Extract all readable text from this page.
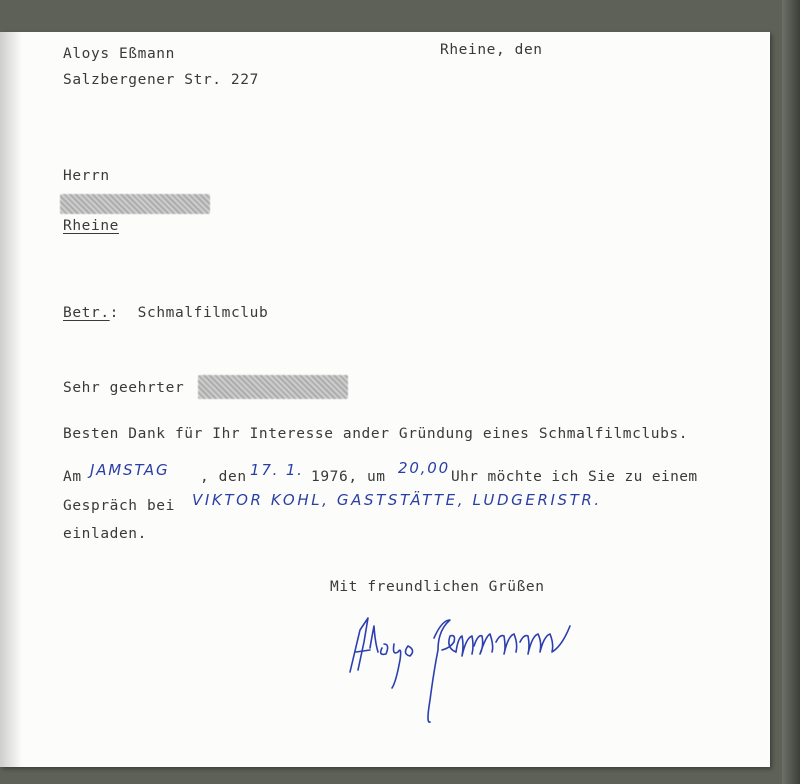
Aloys Eßmann
Salzbergener Str. 227
Rheine, den
Herrn
Rheine
Betr.: Schmalfilmclub
Sehr geehrter
Besten Dank für Ihr Interesse ander Gründung eines Schmalfilmclubs.
Am JAMSTAG , den 17. 1. 1976, um 20,00 Uhr möchte ich Sie zu einem
Gespräch bei VIKTOR KOHL, GASTSTÄTTE, LUDGERISTR.
einladen.
Mit freundlichen Grüßen
